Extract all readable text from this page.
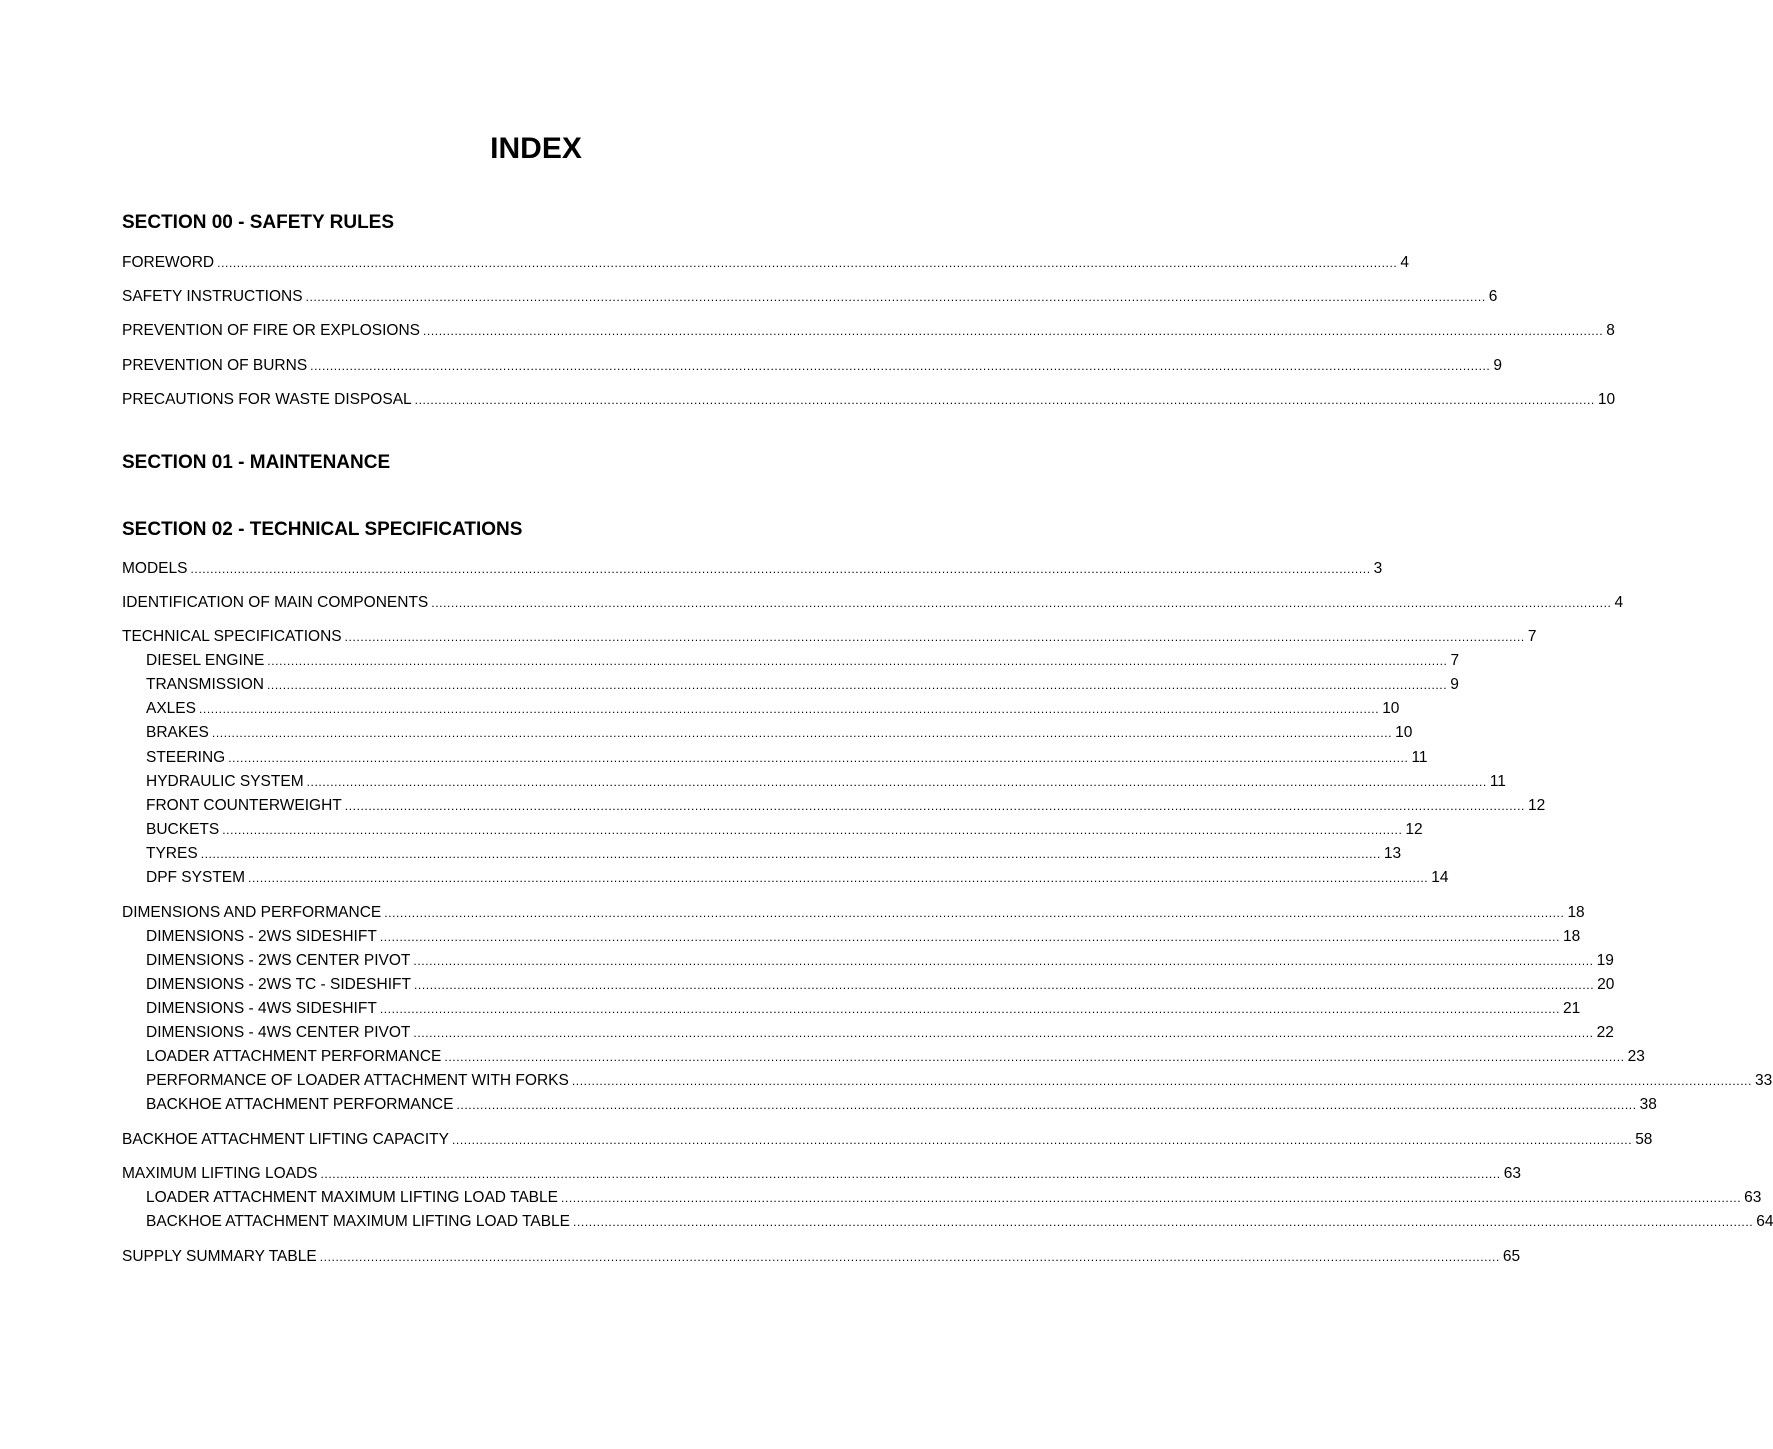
INDEX
SECTION 00 - SAFETY RULES
FOREWORD ............................................................................................................................................................................................................................................................................................................ 4
SAFETY INSTRUCTIONS ............................................................................................................................................................................................................................................................................................................ 6
PREVENTION OF FIRE OR EXPLOSIONS ............................................................................................................................................................................................................................................................................................................ 8
PREVENTION OF BURNS ............................................................................................................................................................................................................................................................................................................ 9
PRECAUTIONS FOR WASTE DISPOSAL ............................................................................................................................................................................................................................................................................................................ 10
SECTION 01 - MAINTENANCE
SECTION 02 - TECHNICAL SPECIFICATIONS
MODELS ............................................................................................................................................................................................................................................................................................................ 3
IDENTIFICATION OF MAIN COMPONENTS ............................................................................................................................................................................................................................................................................................................ 4
TECHNICAL SPECIFICATIONS ............................................................................................................................................................................................................................................................................................................ 7
DIESEL ENGINE ............................................................................................................................................................................................................................................................................................................ 7
TRANSMISSION ............................................................................................................................................................................................................................................................................................................ 9
AXLES ............................................................................................................................................................................................................................................................................................................ 10
BRAKES ............................................................................................................................................................................................................................................................................................................ 10
STEERING ............................................................................................................................................................................................................................................................................................................ 11
HYDRAULIC SYSTEM ............................................................................................................................................................................................................................................................................................................ 11
FRONT COUNTERWEIGHT ............................................................................................................................................................................................................................................................................................................ 12
BUCKETS ............................................................................................................................................................................................................................................................................................................ 12
TYRES ............................................................................................................................................................................................................................................................................................................ 13
DPF SYSTEM ............................................................................................................................................................................................................................................................................................................ 14
DIMENSIONS AND PERFORMANCE ............................................................................................................................................................................................................................................................................................................ 18
DIMENSIONS - 2WS SIDESHIFT ............................................................................................................................................................................................................................................................................................................ 18
DIMENSIONS - 2WS CENTER PIVOT ............................................................................................................................................................................................................................................................................................................ 19
DIMENSIONS - 2WS TC - SIDESHIFT ............................................................................................................................................................................................................................................................................................................ 20
DIMENSIONS - 4WS SIDESHIFT ............................................................................................................................................................................................................................................................................................................ 21
DIMENSIONS - 4WS CENTER PIVOT ............................................................................................................................................................................................................................................................................................................ 22
LOADER ATTACHMENT PERFORMANCE ............................................................................................................................................................................................................................................................................................................ 23
PERFORMANCE OF LOADER ATTACHMENT WITH FORKS ............................................................................................................................................................................................................................................................................................................ 33
BACKHOE ATTACHMENT PERFORMANCE ............................................................................................................................................................................................................................................................................................................ 38
BACKHOE ATTACHMENT LIFTING CAPACITY ............................................................................................................................................................................................................................................................................................................ 58
MAXIMUM LIFTING LOADS ............................................................................................................................................................................................................................................................................................................ 63
LOADER ATTACHMENT MAXIMUM LIFTING LOAD TABLE ............................................................................................................................................................................................................................................................................................................ 63
BACKHOE ATTACHMENT MAXIMUM LIFTING LOAD TABLE ............................................................................................................................................................................................................................................................................................................ 64
SUPPLY SUMMARY TABLE ............................................................................................................................................................................................................................................................................................................ 65
